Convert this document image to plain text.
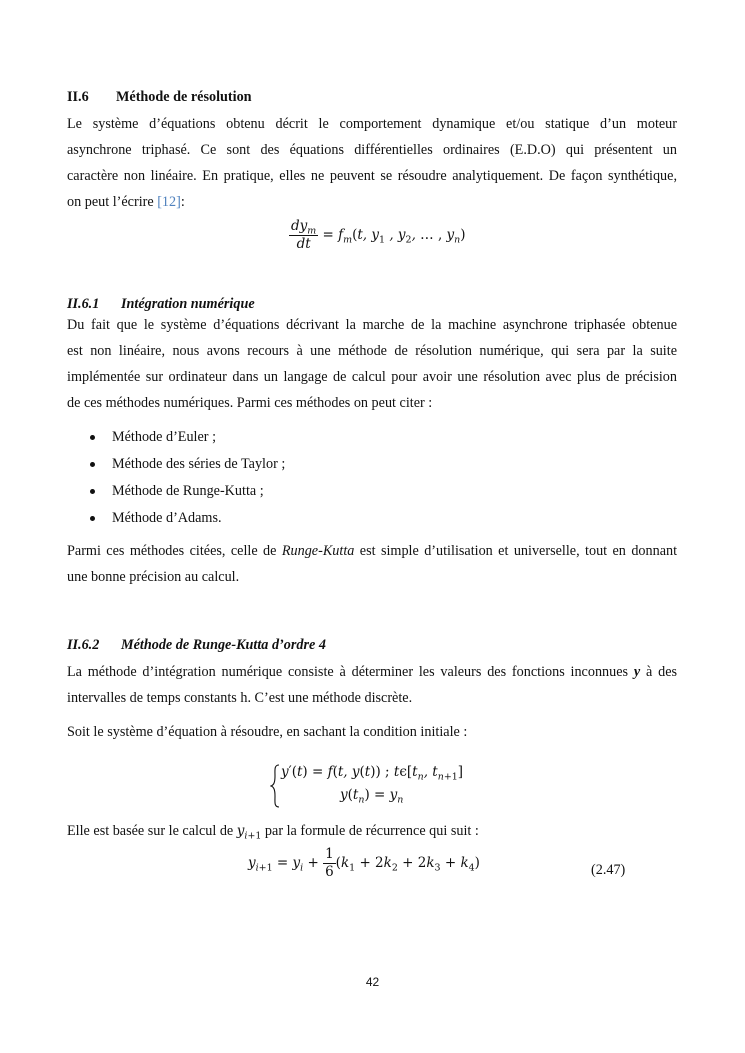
II.6 Méthode de résolution
Le système d’équations obtenu décrit le comportement dynamique et/ou statique d’un moteur
asynchrone triphasé. Ce sont des équations différentielles ordinaires (E.D.O) qui présentent un
caractère non linéaire. En pratique, elles ne peuvent se résoudre analytiquement. De façon synthétique,
on peut l’écrire [12]:
$\frac{dy_m}{dt} = f_m(t$, $y_1$ , $y_2$, … , $y_n$)
II.6.1 Intégration numérique
Du fait que le système d’équations décrivant la marche de la machine asynchrone triphasée obtenue
est non linéaire, nous avons recours à une méthode de résolution numérique, qui sera par la suite
implémentée sur ordinateur dans un langage de calcul pour avoir une résolution avec plus de précision
de ces méthodes numériques. Parmi ces méthodes on peut citer :
Méthode d’Euler ;
Méthode des séries de Taylor ;
Méthode de Runge-Kutta ;
Méthode d’Adams.
Parmi ces méthodes citées, celle de Runge-Kutta est simple d’utilisation et universelle, tout en donnant
une bonne précision au calcul.
II.6.2 Méthode de Runge-Kutta d’ordre 4
La méthode d’intégration numérique consiste à déterminer les valeurs des fonctions inconnues y à des
intervalles de temps constants h. C’est une méthode discrète.
Soit le système d’équation à résoudre, en sachant la condition initiale :
y′(t) = f(t, y(t)) ; $t\epsilon[t_n$, $t_{n+1}$]
$y(t_n) = y_n$
Elle est basée sur le calcul de $y_{i+1}$ par la formule de récurrence qui suit :
$y_{i+1} = y_i + \frac{1}{6} (k_1 + 2k_2 + 2k_3 + k_4)$	(2.47)
42
